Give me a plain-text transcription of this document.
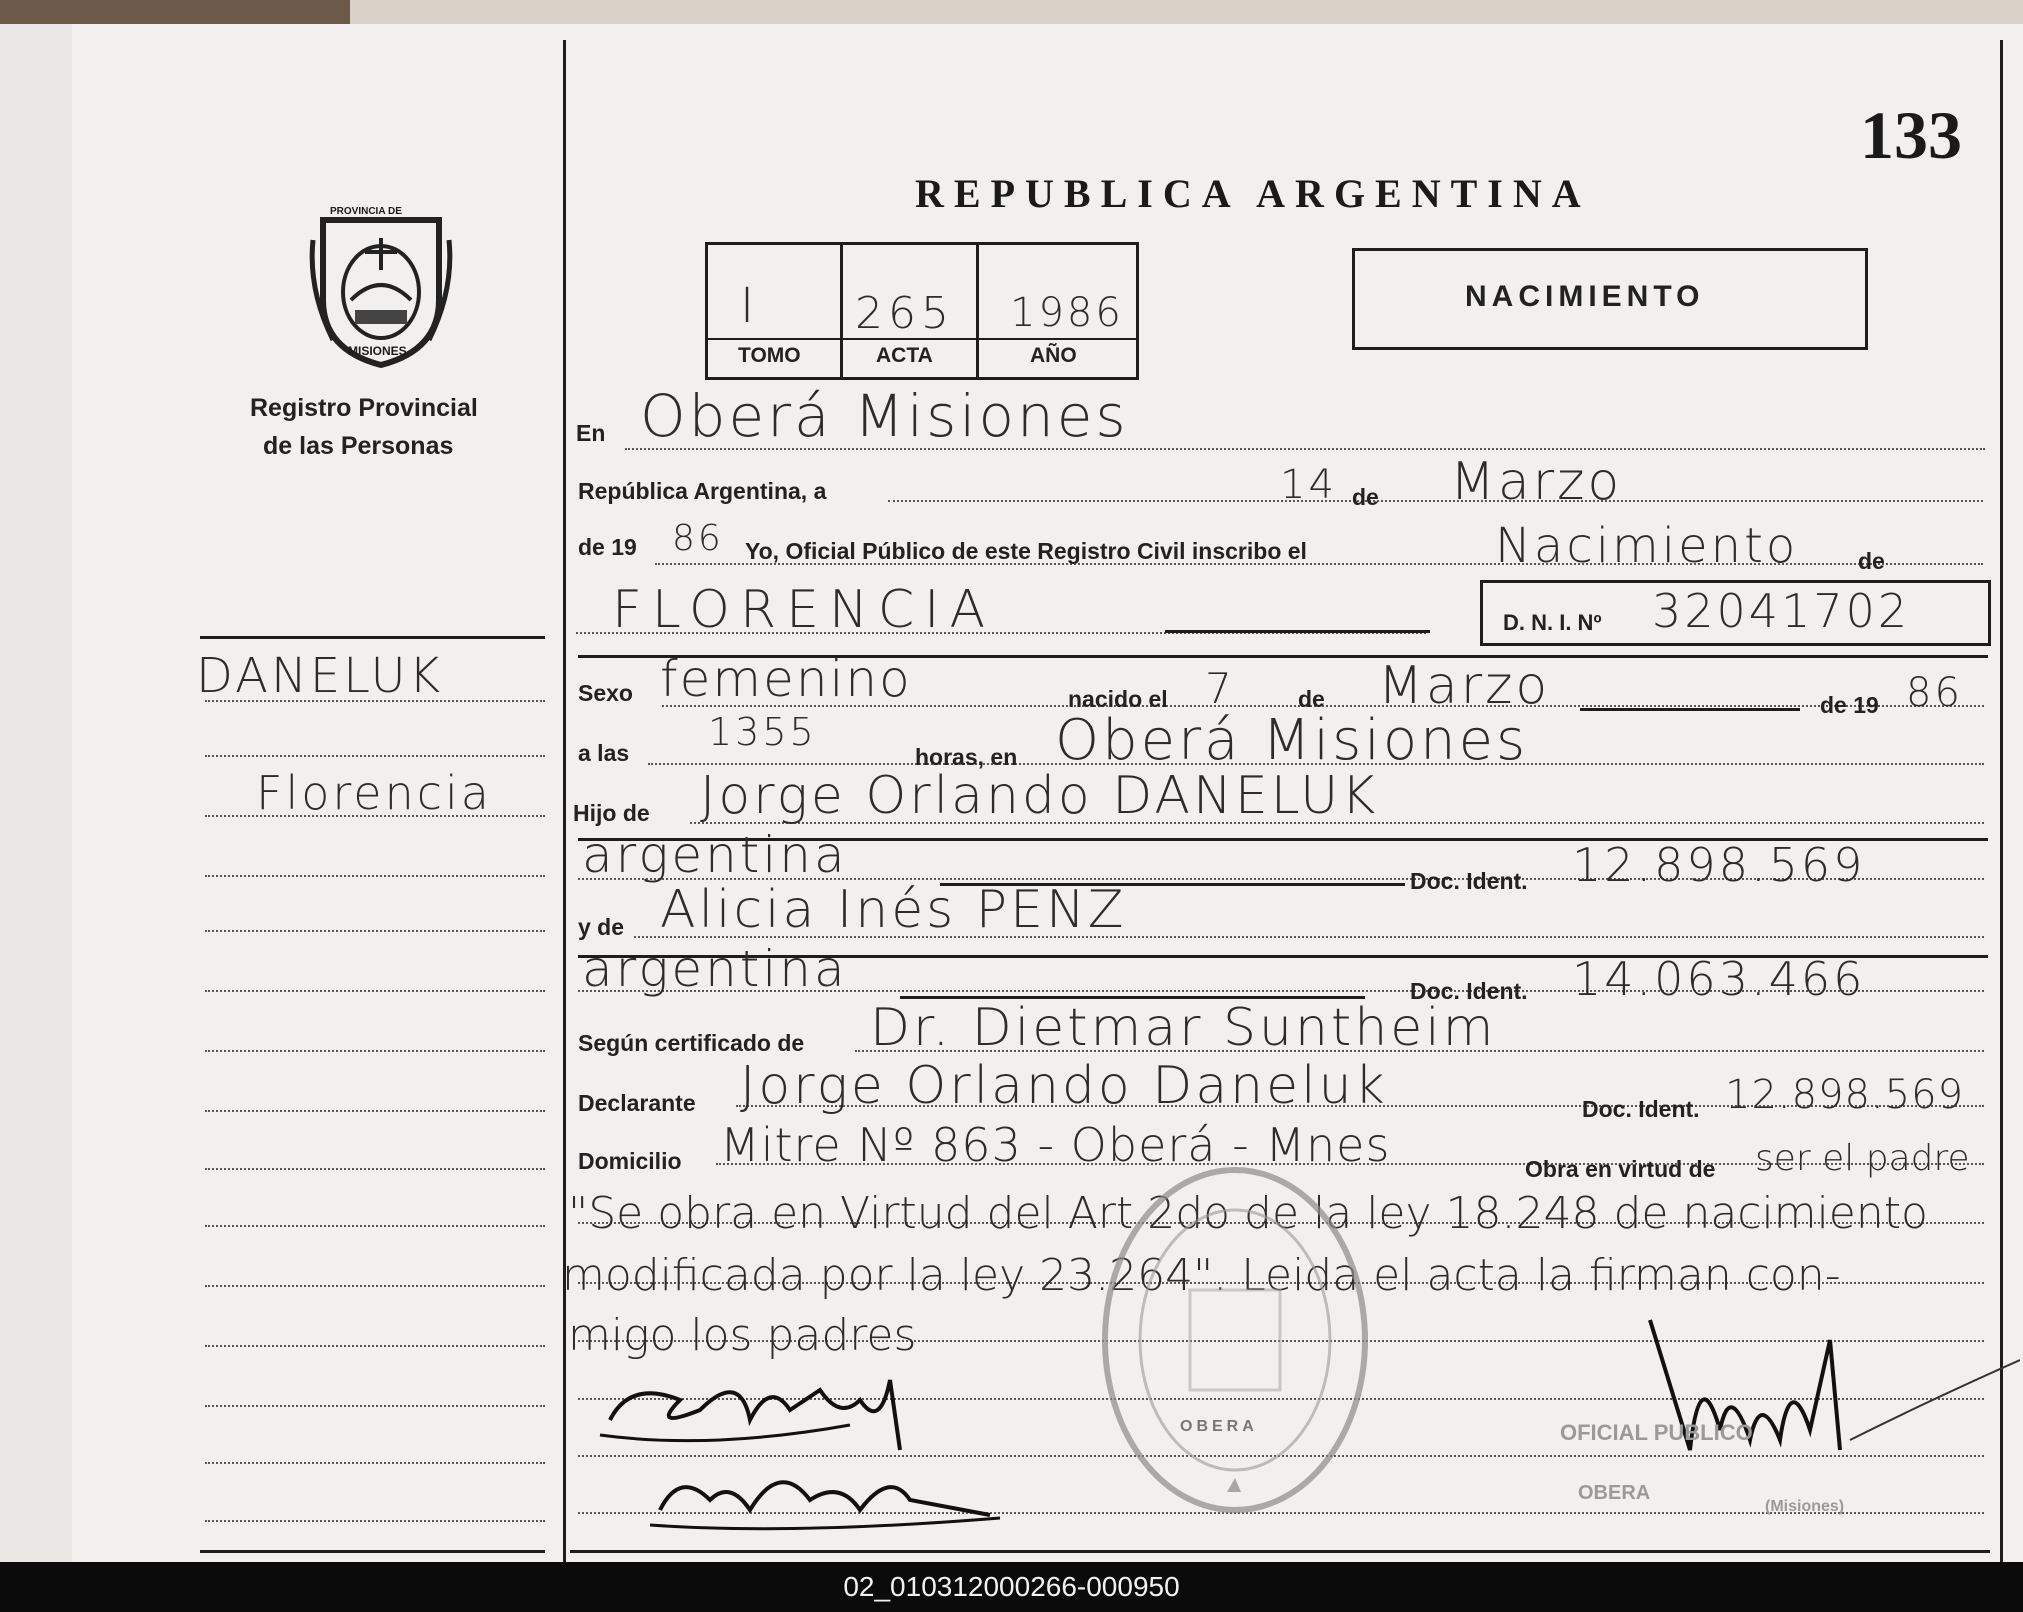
133
REPUBLICA ARGENTINA
I 265 1986
TOMO	ACTA	AÑO
NACIMIENTO
PROVINCIA DE
MISIONES
Registro Provincial
de las Personas
DANELUK
Florencia
En Oberá Misiones
República Argentina, a	14 de Marzo
de 19 86 Yo, Oficial Público de este Registro Civil inscribo el	Nacimiento	de
FLORENCIA	D. N. I. Nº 32041702
Sexo femenino	nacido el 7	de Marzo	de 19 86
a las 1355
horas, en Oberá Misiones
Hijo de Jorge Orlando DANELUK
argentina	Doc. Ident. 12.898.569
y de Alicia Inés PENZ
argentina	Doc. Ident. 14.063.466
Según certificado de Dr. Dietmar Suntheim
Declarante Jorge Orlando Daneluk	Doc. Ident. 12.898.569
Domicilio Mitre Nº 863 - Oberá - Mnes	Obra en virtud de ser el padre
"Se obra en Virtud del Art 2do de la ley 18.248 de nacimiento
modificada por la ley 23.264". Leida el acta la firman con-
migo los padres
OBERA	OFICIAL PUBLICO
OBERA
(Misiones)
02_010312000266-000950
